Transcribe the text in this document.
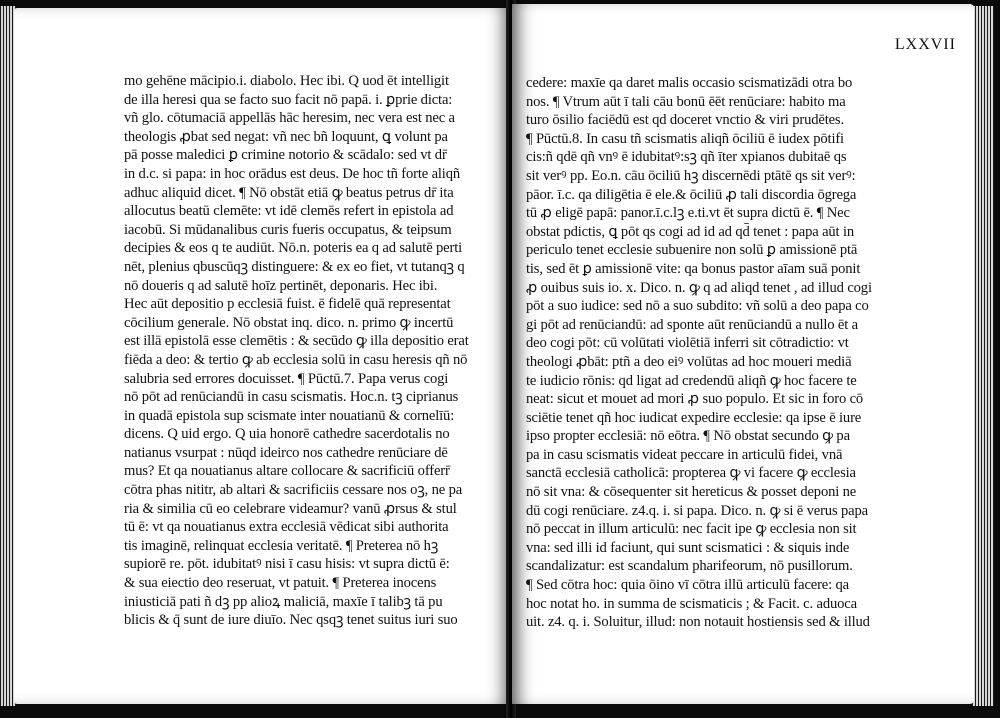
mo gehēne mācipio.i. diabolo. Hec ibi. Q uod ēt intelligit
de illa heresi qua se facto suo facit nō papā. i. ꝑprie dicta:
vñ glo. cōtumaciā appellās hāc heresim, nec vera est nec a
theologis ꝓbat sed negat: vñ nec bñ loquunt, ꝗ volunt pa
pā posse maledici ꝑ crimine notorio & scādalo: sed vt dr̄
in d.c. si papa: in hoc orādus est deus. De hoc tñ forte aliqñ
adhuc aliquid dicet. ¶ Nō obstāt etiā ꝙ beatus petrus dr̄ ita
allocutus beatū clemēte: vt idē clemēs refert in epistola ad
iacobū. Si mūdanalibus curis fueris occupatus, & teipsum
decipies & eos q te audiūt. Nō.n. poteris ea q ad salutē perti
nēt, plenius qbuscūqꝫ distinguere: & ex eo fiet, vt tutanqꝫ q
nō doueris q ad salutē hoīz pertinēt, deponaris. Hec ibi.
Hec aūt depositio p ecclesiā fuist. ē fidelē quā representat
cōcilium generale. Nō obstat inq. dico. n. primo ꝙ incertū
est illā epistolā esse clemētis : & secūdo ꝙ illa depositio erat
fiēda a deo: & tertio ꝙ ab ecclesia solū in casu heresis qñ nō
salubria sed errores docuisset. ¶ Pūctū.7. Papa verus cogi
nō pōt ad renūciandū in casu scismatis. Hoc.n. tꝫ ciprianus
in quadā epistola sup scismate inter nouatianū & cornelīū:
dicens. Q uid ergo. Q uia honorē cathedre sacerdotalis no
natianus vsurpat : nūqd ideirco nos cathedre renūciare dē
mus? Et qa nouatianus altare collocare & sacrificiū offerr̄
cōtra phas nititr, ab altari & sacrificiis cessare nos oꝫ, ne pa
ria & similia cū eo celebrare videamur? vanū ꝓrsus & stul
tū ē: vt qa nouatianus extra ecclesiā vēdicat sibi authorita
tis imaginē, relinquat ecclesia veritatē. ¶ Preterea nō hꝫ
supiorē re. pōt. idubitatꝰ nisi ī casu hisis: vt supra dictū ē:
& sua eiectio deo reseruat, vt patuit. ¶ Preterea inocens
iniusticiā pati ñ dꝫ pp alioꝝ maliciā, maxīe ī talibꝫ tā pu
blicis & q̄ sunt de iure diuīo. Nec qsqꝫ tenet suitus iuri suo
LXXVII
cedere: maxīe qa daret malis occasio scismatizādi otra bo
nos. ¶ Vtrum aūt ī tali cāu bonū ēēt renūciare: habito ma
turo ōsilio faciēdū est qd doceret vnctio & viri prudētes.
¶ Pūctū.8. In casu tñ scismatis aliqñ ōciliū ē iudex pōtifi
cis:ñ qdē qñ vnꝰ ē idubitatꝰ:sꝫ qñ īter xpianos dubitaē qs
sit verꝰ pp. Eo.n. cāu ōciliū hꝫ discernēdi ptātē qs sit verꝰ:
pāor. ī.c. qa diligētia ē ele.& ōciliū ꝓ tali discordia ōgrega
tū ꝓ eligē papā: panor.ī.c.lꝫ e.ti.vt ēt supra dictū ē. ¶ Nec
obstat pdictis, ꝗ pōt qs cogi ad id ad qd̄ tenet : papa aūt in
periculo tenet ecclesie subuenire non solū ꝑ amissionē ptā
tis, sed ēt ꝑ amissionē vite: qa bonus pastor aīam suā ponit
ꝓ ouibus suis io. x. Dico. n. ꝙ q ad aliqd tenet , ad illud cogi
pōt a suo iudice: sed nō a suo subdito: vñ solū a deo papa co
gi pōt ad renūciandū: ad sponte aūt renūciandū a nullo ēt a
deo cogi pōt: cū volūtati violētiā inferri sit cōtradictio: vt
theologi ꝓbāt: ptñ a deo eiꝰ volūtas ad hoc moueri mediā
te iudicio rōnis: qd ligat ad credendū aliqñ ꝙ hoc facere te
neat: sicut et mouet ad mori ꝓ suo populo. Et sic in foro cō
sciētie tenet qñ hoc iudicat expedire ecclesie: qa ipse ē iure
ipso propter ecclesiā: nō eōtra. ¶ Nō obstat secundo ꝙ pa
pa in casu scismatis videat peccare in articulū fidei, vnā
sanctā ecclesiā catholicā: propterea ꝙ vi facere ꝙ ecclesia
nō sit vna: & cōsequenter sit hereticus & posset deponi ne
dū cogi renūciare. z4.q. i. si papa. Dico. n. ꝙ si ē verus papa
nō peccat in illum articulū: nec facit ipe ꝙ ecclesia non sit
vna: sed illi id faciunt, qui sunt scismatici : & siquis inde
scandalizatur: est scandalum pharifeorum, nō pusillorum.
¶ Sed cōtra hoc: quia ōino vī cōtra illū articulū facere: qa
hoc notat ho. in summa de scismaticis ; & Facit. c. aduoca
uit. z4. q. i. Soluitur, illud: non notauit hostiensis sed & illud
